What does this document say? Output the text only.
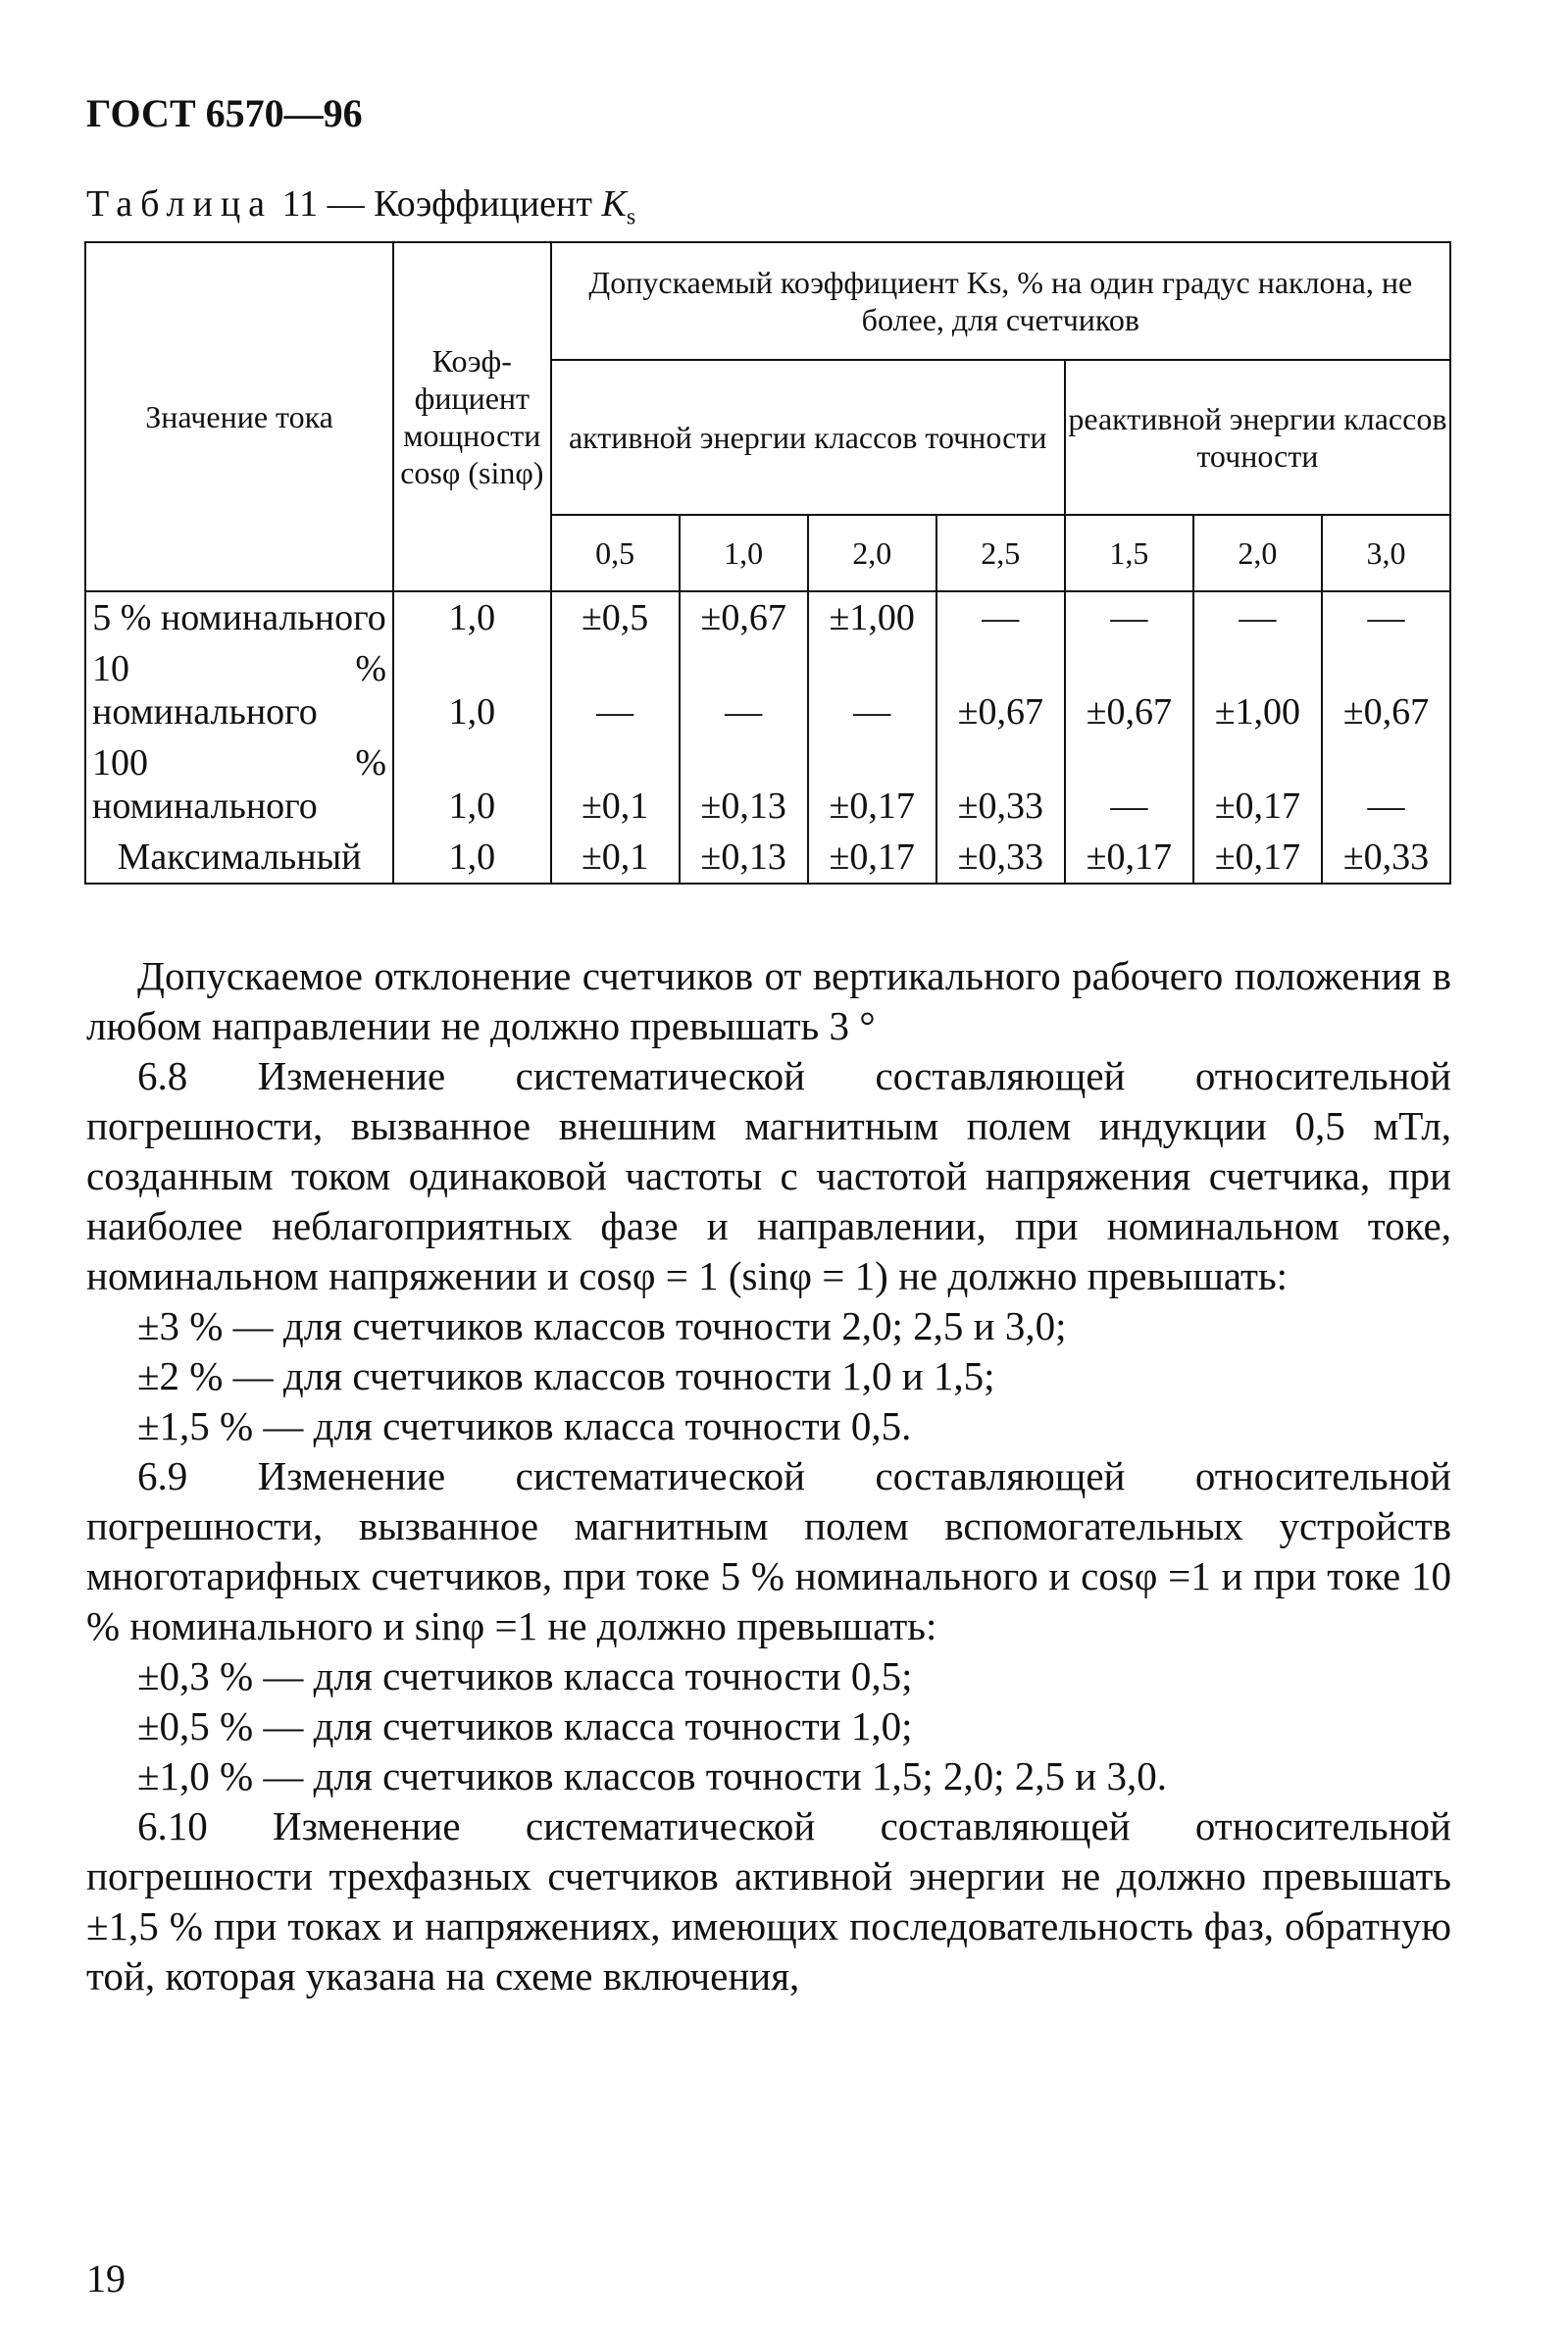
ГОСТ 6570—96
Таблица 11 — Коэффициент $K_s$
Значение тока	Коэф-фициент мощности cosφ (sinφ)	Допускаемый коэффициент Ks, % на один градус наклона, не более, для счетчиков						
		активной энергии классов точности				реактивной энергии классов точности		
		0,5	1,0	2,0	2,5	1,5	2,0	3,0
5 % номинального	1,0	±0,5	±0,67	±1,00	—	—	—	—
10 % номинального	1,0	—	—	—	±0,67	±0,67	±1,00	±0,67
100 % номинального	1,0	±0,1	±0,13	±0,17	±0,33	—	±0,17	—
Максимальный	1,0	±0,1	±0,13	±0,17	±0,33	±0,17	±0,17	±0,33

Допускаемое отклонение счетчиков от вертикального рабочего положения в любом направлении не должно превышать 3 °

6.8 Изменение систематической составляющей относительной погрешности, вызванное внешним магнитным полем индукции 0,5 мТл, созданным током одинаковой частоты с частотой напряжения счетчика, при наиболее неблагоприятных фазе и направлении, при номинальном токе, номинальном напряжении и cosφ = 1 (sinφ = 1) не должно превышать:

±3 % — для счетчиков классов точности 2,0; 2,5 и 3,0;

±2 % — для счетчиков классов точности 1,0 и 1,5;

±1,5 % — для счетчиков класса точности 0,5.

6.9 Изменение систематической составляющей относительной погрешности, вызванное магнитным полем вспомогательных устройств многотарифных счетчиков, при токе 5 % номинального и cosφ =1 и при токе 10 % номинального и sinφ =1 не должно превышать:

±0,3 % — для счетчиков класса точности 0,5;

±0,5 % — для счетчиков класса точности 1,0;

±1,0 % — для счетчиков классов точности 1,5; 2,0; 2,5 и 3,0.

6.10 Изменение систематической составляющей относительной погрешности трехфазных счетчиков активной энергии не должно превышать ±1,5 % при токах и напряжениях, имеющих последовательность фаз, обратную той, которая указана на схеме включения,

19
